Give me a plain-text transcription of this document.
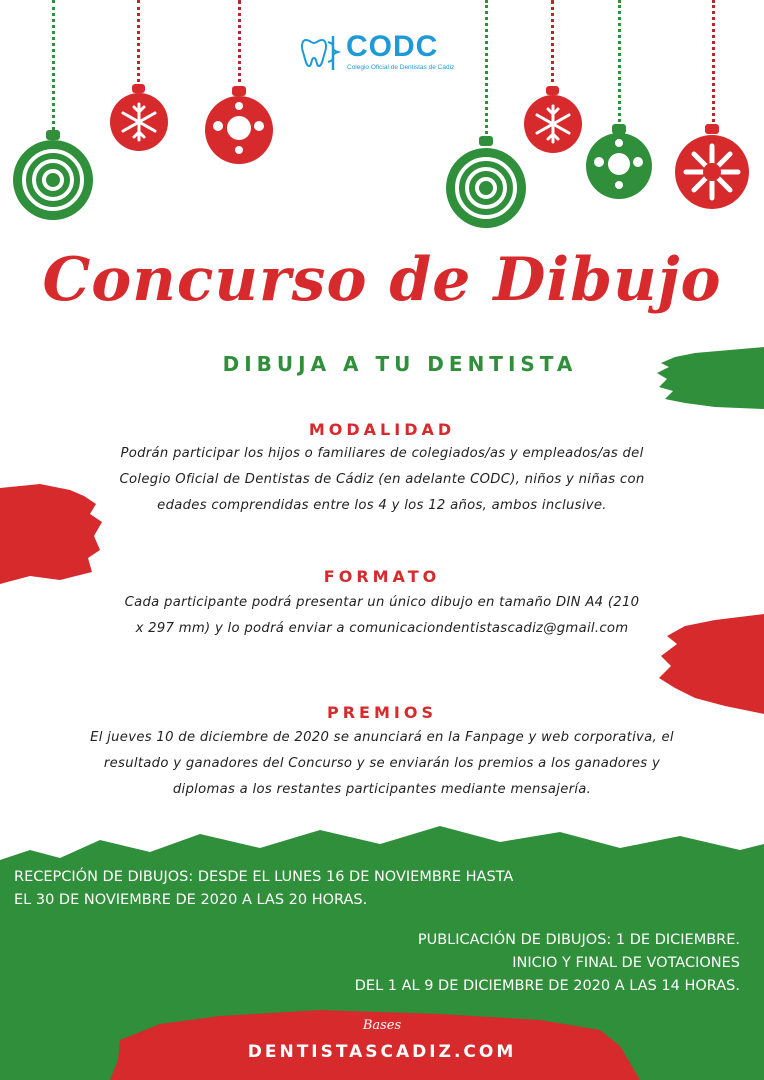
CODC
Colegio Oficial de Dentistas de Cádiz
Concurso de Dibujo
DIBUJA A TU DENTISTA
MODALIDAD
Podrán participar los hijos o familiares de colegiados/as y empleados/as del
Colegio Oficial de Dentistas de Cádiz (en adelante CODC), niños y niñas con
edades comprendidas entre los 4 y los 12 años, ambos inclusive.
FORMATO
Cada participante podrá presentar un único dibujo en tamaño DIN A4 (210
x 297 mm) y lo podrá enviar a comunicaciondentistascadiz@gmail.com
PREMIOS
El jueves 10 de diciembre de 2020 se anunciará en la Fanpage y web corporativa, el
resultado y ganadores del Concurso y se enviarán los premios a los ganadores y
diplomas a los restantes participantes mediante mensajería.
RECEPCIÓN DE DIBUJOS: DESDE EL LUNES 16 DE NOVIEMBRE HASTA
EL 30 DE NOVIEMBRE DE 2020 A LAS 20 HORAS.
PUBLICACIÓN DE DIBUJOS: 1 DE DICIEMBRE.
INICIO Y FINAL DE VOTACIONES
DEL 1 AL 9 DE DICIEMBRE DE 2020 A LAS 14 HORAS.
Bases
DENTISTASCADIZ.COM
